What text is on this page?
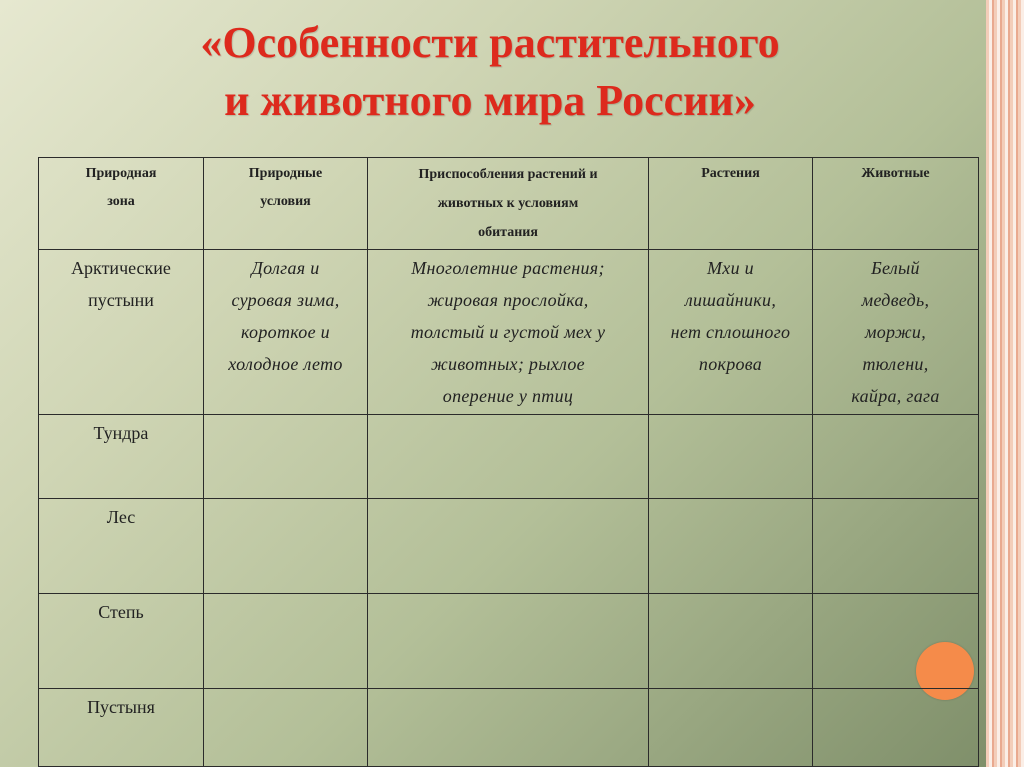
«Особенности растительного
и животного мира России»
Природная
зона	Природные
условия	Приспособления растений и
животных к условиям
обитания	Растения	Животные

Арктические
пустыни	Долгая и
суровая зима,
короткое и
холодное лето	Многолетние растения;
жировая прослойка,
толстый и густой мех у
животных; рыхлое
оперение у птиц	Мхи и
лишайники,
нет сплошного
покрова	Белый
медведь,
моржи,
тюлени,
кайра, гага

Тундра				

Лес				

Степь				

Пустыня				
